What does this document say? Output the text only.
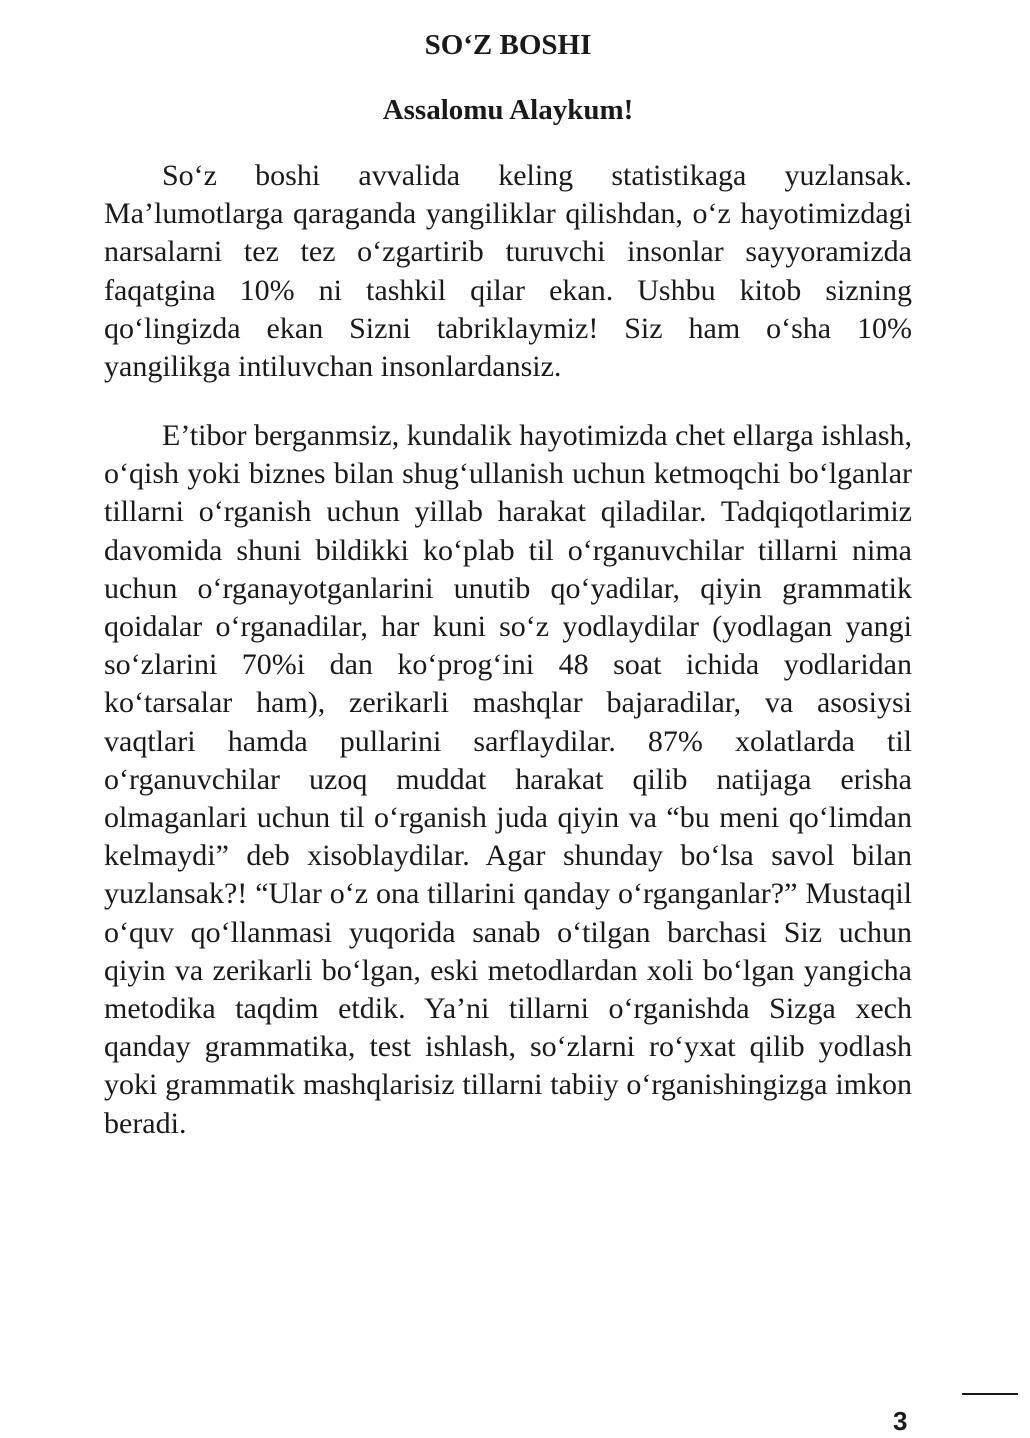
SO‘Z BOSHI
Assalomu Alaykum!

So‘z boshi avvalida keling statistikaga yuzlansak. Ma’lumotlarga qaraganda yangiliklar qilishdan, o‘z hayotimizdagi narsalarni tez tez o‘zgartirib turuvchi insonlar sayyoramizda faqatgina 10% ni tashkil qilar ekan. Ushbu kitob sizning qo‘lingizda ekan Sizni tabriklaymiz! Siz ham o‘sha 10% yangilikga intiluvchan insonlardansiz.

E’tibor berganmsiz, kundalik hayotimizda chet ellarga ishlash, o‘qish yoki biznes bilan shug‘ullanish uchun ketmoqchi bo‘lganlar tillarni o‘rganish uchun yillab harakat qiladilar. Tadqiqotlarimiz davomida shuni bildikki ko‘plab til o‘rganuvchilar tillarni nima uchun o‘rganayotganlarini unutib qo‘yadilar, qiyin grammatik qoidalar o‘rganadilar, har kuni so‘z yodlaydilar (yodlagan yangi so‘zlarini 70%i dan ko‘prog‘ini 48 soat ichida yodlaridan ko‘tarsalar ham), zerikarli mashqlar bajaradilar, va asosiysi vaqtlari hamda pullarini sarflaydilar. 87% xolatlarda til o‘rganuvchilar uzoq muddat harakat qilib natijaga erisha olmaganlari uchun til o‘rganish juda qiyin va “bu meni qo‘limdan kelmaydi” deb xisoblaydilar. Agar shunday bo‘lsa savol bilan yuzlansak?! “Ular o‘z ona tillarini qanday o‘rganganlar?” Mustaqil o‘quv qo‘llanmasi yuqorida sanab o‘tilgan barchasi Siz uchun qiyin va zerikarli bo‘lgan, eski metodlardan xoli bo‘lgan yangicha metodika taqdim etdik. Ya’ni tillarni o‘rganishda Sizga xech qanday grammatika, test ishlash, so‘zlarni ro‘yxat qilib yodlash yoki grammatik mashqlarisiz tillarni tabiiy o‘rganishingizga imkon beradi.

3
